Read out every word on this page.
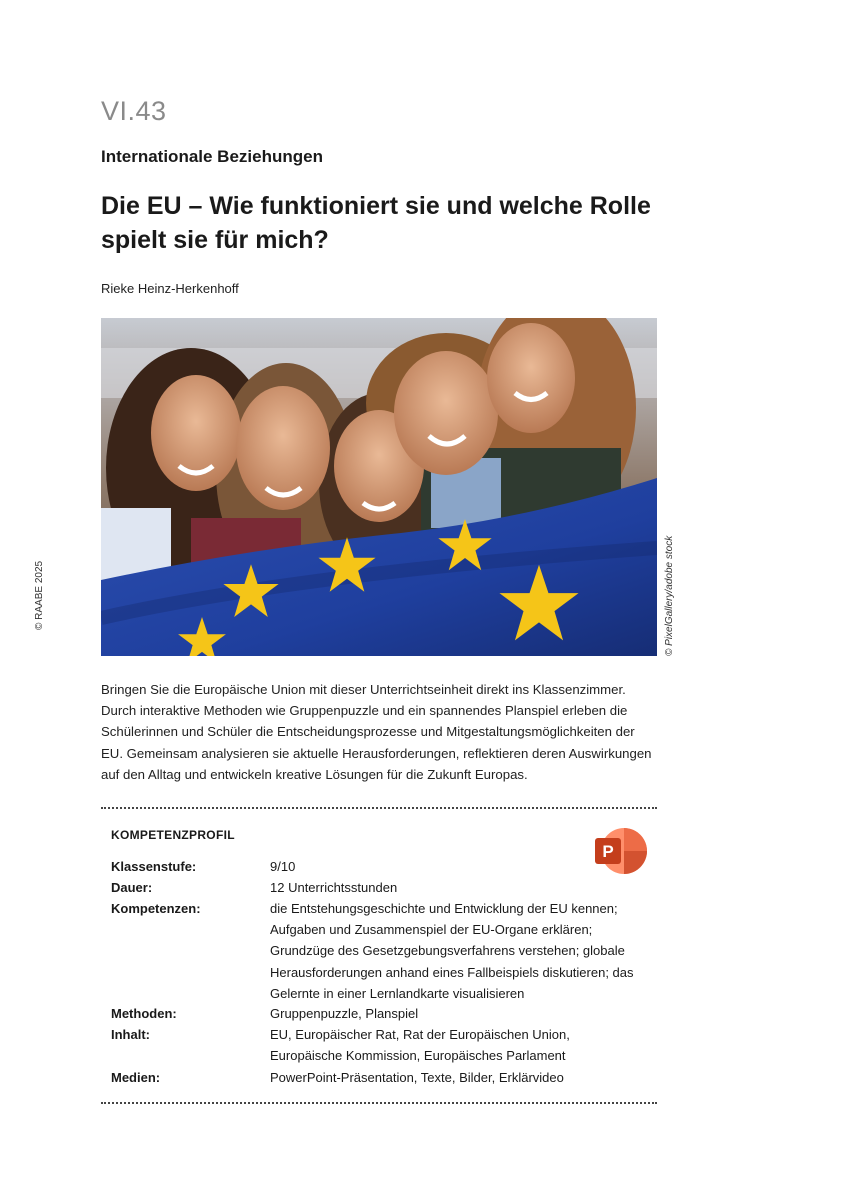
VI.43
Internationale Beziehungen
Die EU – Wie funktioniert sie und welche Rolle spielt sie für mich?
Rieke Heinz-Herkenhoff
© RAABE 2025	© PixelGallery/adobe stock

Bringen Sie die Europäische Union mit dieser Unterrichtseinheit direkt ins Klassenzimmer. Durch interaktive Methoden wie Gruppenpuzzle und ein spannendes Planspiel erleben die Schülerinnen und Schüler die Entscheidungsprozesse und Mitgestaltungsmöglichkeiten der EU. Gemeinsam analysieren sie aktuelle Herausforderungen, reflektieren deren Auswirkungen auf den Alltag und entwickeln kreative Lösungen für die Zukunft Europas.

KOMPETENZPROFIL
P
Klassenstufe:	9/10
Dauer:	12 Unterrichtsstunden
Kompetenzen:	die Entstehungsgeschichte und Entwicklung der EU kennen; Aufgaben und Zusammenspiel der EU-Organe erklären; Grundzüge des Gesetzgebungsverfahrens verstehen; globale Herausforderungen anhand eines Fallbeispiels diskutieren; das Gelernte in einer Lernlandkarte visualisieren
Methoden:	Gruppenpuzzle, Planspiel
Inhalt:	EU, Europäischer Rat, Rat der Europäischen Union, Europäische Kommission, Europäisches Parlament
Medien:	PowerPoint-Präsentation, Texte, Bilder, Erklärvideo
